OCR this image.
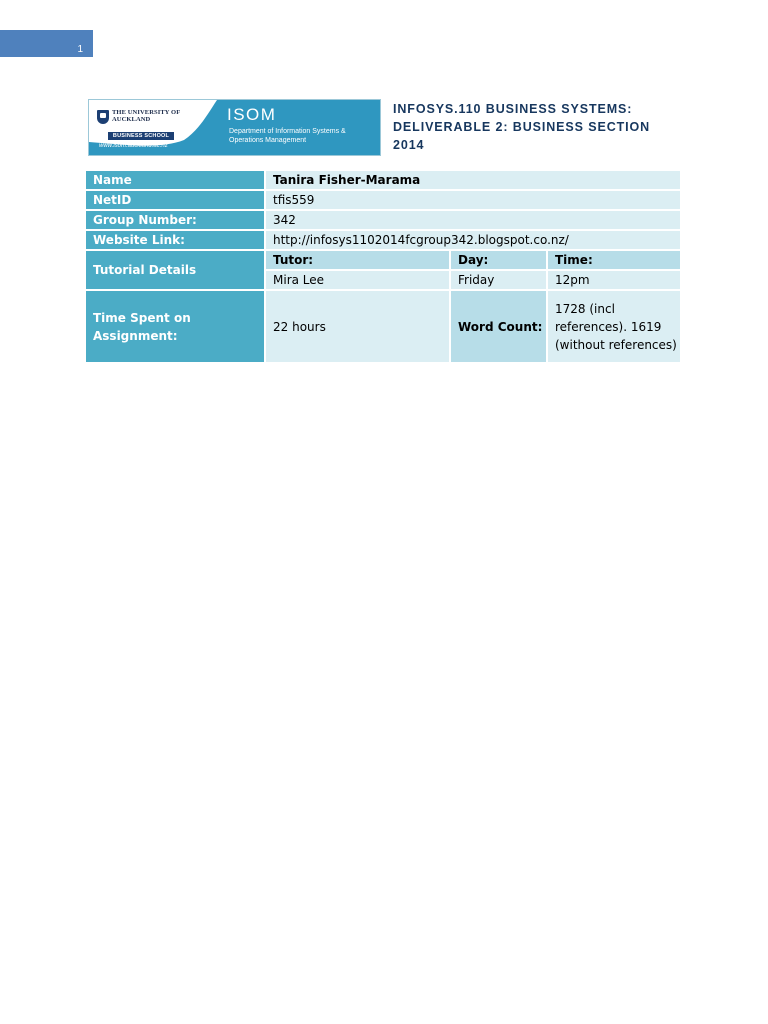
1
THE UNIVERSITY OF AUCKLAND
BUSINESS SCHOOL
ISOM
Department of Information Systems & Operations Management
www.isom.auckland.ac.nz
INFOSYS.110 BUSINESS SYSTEMS: DELIVERABLE 2: BUSINESS SECTION 2014
Name	Tanira Fisher-Marama		
NetID	tfis559		
Group Number:	342		
Website Link:	http://infosys1102014fcgroup342.blogspot.co.nz/		
Tutorial Details	Tutor:	Day:	Time:
	Mira Lee	Friday	12pm
Time Spent on Assignment:	22 hours	Word Count:	1728 (incl references). 1619 (without references)
